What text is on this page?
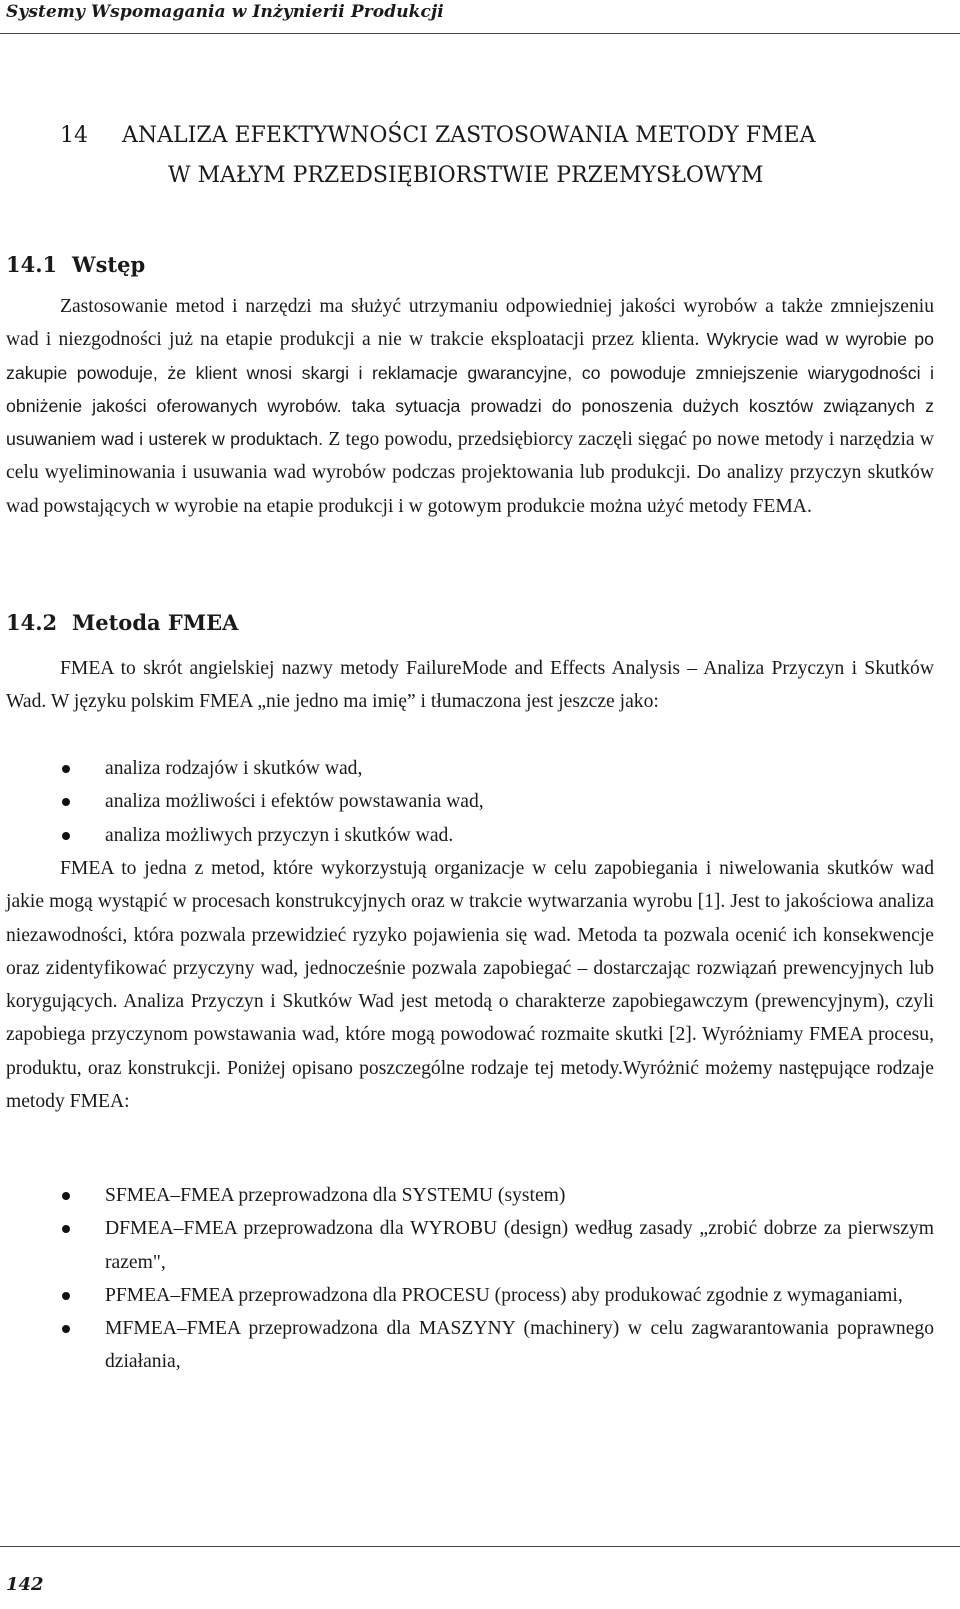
Systemy Wspomagania w Inżynierii Produkcji
14 ANALIZA EFEKTYWNOŚCI ZASTOSOWANIA METODY FMEA
W MAŁYM PRZEDSIĘBIORSTWIE PRZEMYSŁOWYM
14.1 Wstęp

Zastosowanie metod i narzędzi ma służyć utrzymaniu odpowiedniej jakości wyrobów a także zmniejszeniu wad i niezgodności już na etapie produkcji a nie w trakcie eksploatacji przez klienta. Wykrycie wad w wyrobie po zakupie powoduje, że klient wnosi skargi i reklamacje gwarancyjne, co powoduje zmniejszenie wiarygodności i obniżenie jakości oferowanych wyrobów. taka sytuacja prowadzi do ponoszenia dużych kosztów związanych z usuwaniem wad i usterek w produktach. Z tego powodu, przedsiębiorcy zaczęli sięgać po nowe metody i narzędzia w celu wyeliminowania i usuwania wad wyrobów podczas projektowania lub produkcji. Do analizy przyczyn skutków wad powstających w wyrobie na etapie produkcji i w gotowym produkcie można użyć metody FEMA.

14.2 Metoda FMEA

FMEA to skrót angielskiej nazwy metody FailureMode and Effects Analysis – Analiza Przyczyn i Skutków Wad. W języku polskim FMEA „nie jedno ma imię” i tłumaczona jest jeszcze jako:

analiza rodzajów i skutków wad,
analiza możliwości i efektów powstawania wad,
analiza możliwych przyczyn i skutków wad.

FMEA to jedna z metod, które wykorzystują organizacje w celu zapobiegania i niwelowania skutków wad jakie mogą wystąpić w procesach konstrukcyjnych oraz w trakcie wytwarzania wyrobu [1]. Jest to jakościowa analiza niezawodności, która pozwala przewidzieć ryzyko pojawienia się wad. Metoda ta pozwala ocenić ich konsekwencje oraz zidentyfikować przyczyny wad, jednocześnie pozwala zapobiegać – dostarczając rozwiązań prewencyjnych lub korygujących. Analiza Przyczyn i Skutków Wad jest metodą o charakterze zapobiegawczym (prewencyjnym), czyli zapobiega przyczynom powstawania wad, które mogą powodować rozmaite skutki [2]. Wyróżniamy FMEA procesu, produktu, oraz konstrukcji. Poniżej opisano poszczególne rodzaje tej metody.Wyróżnić możemy następujące rodzaje metody FMEA:

SFMEA–FMEA przeprowadzona dla SYSTEMU (system)
DFMEA–FMEA przeprowadzona dla WYROBU (design) według zasady „zrobić dobrze za pierwszym razem",
PFMEA–FMEA przeprowadzona dla PROCESU (process) aby produkować zgodnie z wymaganiami,
MFMEA–FMEA przeprowadzona dla MASZYNY (machinery) w celu zagwarantowania poprawnego działania,
142
